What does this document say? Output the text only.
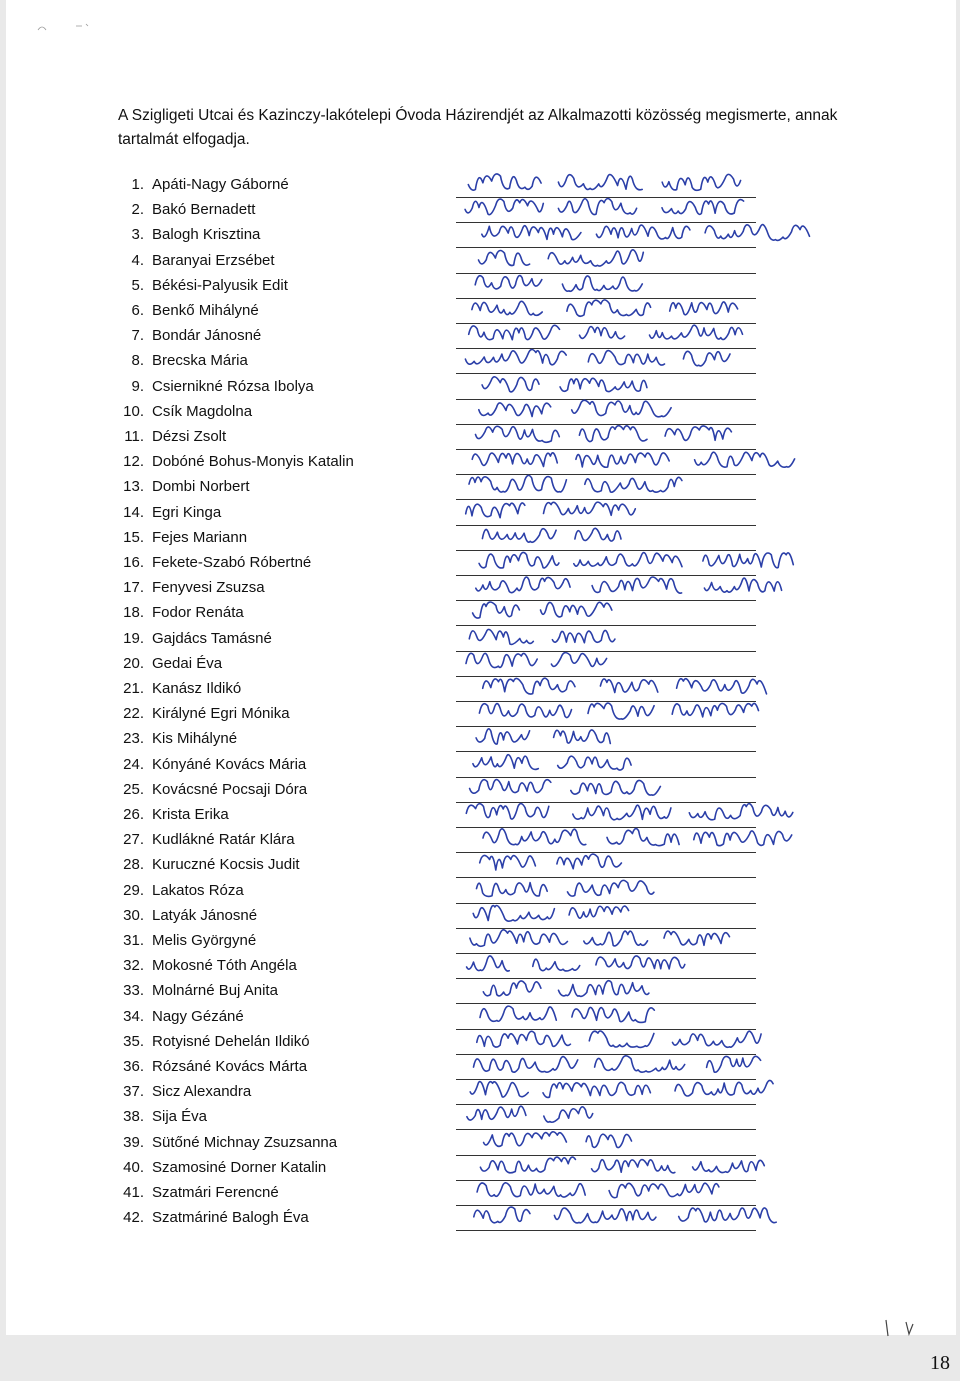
A Szigligeti Utcai és Kazinczy-lakótelepi Óvoda Házirendjét az Alkalmazotti közösség megismerte, annak tartalmát elfogadja.
1. Apáti-Nagy Gáborné
2. Bakó Bernadett
3. Balogh Krisztina
4. Baranyai Erzsébet
5. Békési-Palyusik Edit
6. Benkő Mihályné
7. Bondár Jánosné
8. Brecska Mária
9. Csiernikné Rózsa Ibolya
10. Csík Magdolna
11. Dézsi Zsolt
12. Dobóné Bohus-Monyis Katalin
13. Dombi Norbert
14. Egri Kinga
15. Fejes Mariann
16. Fekete-Szabó Róbertné
17. Fenyvesi Zsuzsa
18. Fodor Renáta
19. Gajdács Tamásné
20. Gedai Éva
21. Kanász Ildikó
22. Királyné Egri Mónika
23. Kis Mihályné
24. Kónyáné Kovács Mária
25. Kovácsné Pocsaji Dóra
26. Krista Erika
27. Kudlákné Ratár Klára
28. Kuruczné Kocsis Judit
29. Lakatos Róza
30. Latyák Jánosné
31. Melis Györgyné
32. Mokosné Tóth Angéla
33. Molnárné Buj Anita
34. Nagy Gézáné
35. Rotyisné Dehelán Ildikó
36. Rózsáné Kovács Márta
37. Sicz Alexandra
38. Sija Éva
39. Sütőné Michnay Zsuzsanna
40. Szamosiné Dorner Katalin
41. Szatmári Ferencné
42. Szatmáriné Balogh Éva
18
